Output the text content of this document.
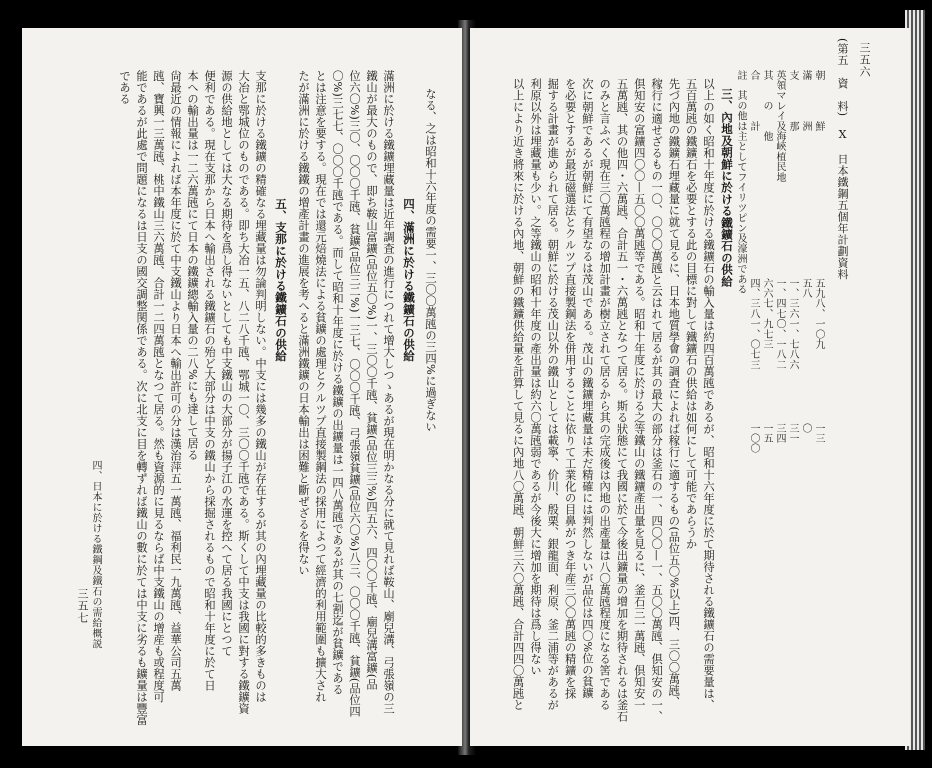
三五七 四、日本に於ける鐵鋼及鐵石の需給概説
なる、之は昭和十六年度の需要一、三〇〇萬瓲の三四%に過ぎない
四、滿洲に於ける鐵鑛石の供給
滿洲に於ける鐵鑛埋藏量は近年調査の進行につれて增大しつゝあるが現在明かなる分に就て見れば鞍山、廟兒溝、弓張嶺の三
鐵山が最大のもので、即ち鞍山富鑛(品位五〇%)一、三〇〇千瓲、貧鑛(品位三三%)四五六、四〇〇千瓲、廟兒溝富鑛(品
位六〇%)三〇、〇〇〇千瓲、貧鑛(品位三二%)一三七、〇〇〇千瓲、弓張嶺貧鑛(品位六〇%)八三、〇〇〇千瓲、貧鑛(品位四
〇%)三七七、〇〇〇千瓲である。而して昭和十年度に於ける鐵鑛の出鑛量は一四八萬瓲であるが其の七割迄が貧鑛である
とは注意を要する。現在では還元焙燒法による貧鑛の處理とクルツプ直接製鋼法の採用によつて經濟的利用範圍も擴大され
たが滿洲に於ける鐵鐵の增產計畫の進展を考へると滿洲鐵鑛の日本輸出は困難と斷ぜざるを得ない
五、支那に於ける鐵鑛石の供給
支那に於ける鐵鑛の精確なる埋藏量は勿論判明しない。中支には幾多の鐵山が存在するが其の內埋藏量の比較的多きものは
大冶と鄂城位のものである。即ち大冶一五、八二八千瓲、鄂城一〇、三〇〇千瓲である。斯くして中支は我國に對する鐵鑛資
源の供給地としては大なる期待を爲し得ないとしても中支鐵山の大部分が揚子江の水運を控へて居る我國にとつて
便利である。現在支那から日本へ輸出される鐵鑛石の殆ど大部分は中支の鐵山から採掘されるもので昭和十年度に於て日
本への輸出量は一二六萬瓲にて日本の鐵鑛總輸入量の二八%にも達して居る
尙最近の情報によれば本年度に於て中支鐵山より日本へ輸出許可の分は漢治萍五一萬瓲、福利民一九萬瓲、益華公司五萬
瓲、寶興一三萬瓲、桃中鐵山三六萬瓲、合計一二四萬瓲となつて居る。然も資源的に見るならば中支鐵山の增産も或程度可
能であるが此處で問題になるは日支の國交調整関係である。次に北支に目を轉ずれば鐵山の數に於ては中支に劣るも鑛量は豐富
である
三五六
(第五　資　料)　Ⅹ　日本鐵鋼五個年計劃資料
朝　　　　鮮
五九八、一〇九
一三
滿　　　　洲
五八
〇
支　　　　那
一、三六一、七八六
三一
英領マレイ及海峽植民地
一、四七〇、一八二
三四
其　　の　　他
六六七、九七三
一五
合　　　　計
四、三八一、〇七三
一〇〇
註　其の他は主としてフイリツピン及濠洲である
三、內地及朝鮮に於ける鐵鑛石の供給
以上の如く昭和十年度に於ける鐵鑛石の輸入量は約四百萬瓲であるが、昭和十六年度に於て期待される鐵鑛石の需要量は、
五百萬瓲の鐵鑛石を必要とする此の目標に對して鐵鑛石の供給は如何にして可能であらうか
先づ內地の鐵鑛石埋藏量に就て見るに、日本地質學會の調査によれば稼行に適するもの(品位五〇%以上)四、三〇〇萬瓲、
稼行に適せざるもの一〇、〇〇〇萬瓲と云はれて居るが其の最大の部分は釜石の一、四〇〇—一、五〇〇萬瓲、倶知安の一、
倶知安の富鑛四〇〇—五〇〇萬瓲等である。昭和十年度に於ける之等鐵山の鐵鑛產出量を見るに、釜石三一萬瓲、倶知安一
五萬瓲、其の他四・六萬瓲、合計五一・六萬瓲となつて居る。斯る狀態にて我國に於て今後出鑛量の增加を期待されるは釜石
のみと言ふべく現在三〇萬瓲程の增加計畫が樹立されて居るから其の完成後は內地の出產量は八〇萬瓲程度になる筈である
次に朝鮮であるが朝鮮にて有望なるは茂山である。茂山の鐵鑛埋藏量は未だ精確には判然しないが品位は四〇%位の貧鑛
を必要とするが最近磁選法とクルツプ直接製鋼法を併用することに依りて工業化の目鼻がつき年産三〇〇萬瓲の精鑛を採
掘する計畫が進められて居る。朝鮮に於ける茂山以外の鐵山としては載寧、价川、殷栗、銀龍面、利原、釜二浦等があるが
利原以外は埋藏量も少い。之等鐵山の昭和十年度の產出量は約六〇萬瓲弱であるが今後大に增加を期待は爲し得ない
以上により近き將來に於ける內地、朝鮮の鐵鑛供給量を計算して見るに內地八〇萬瓲、朝鮮三六〇萬瓲、合計四四〇萬瓲と
